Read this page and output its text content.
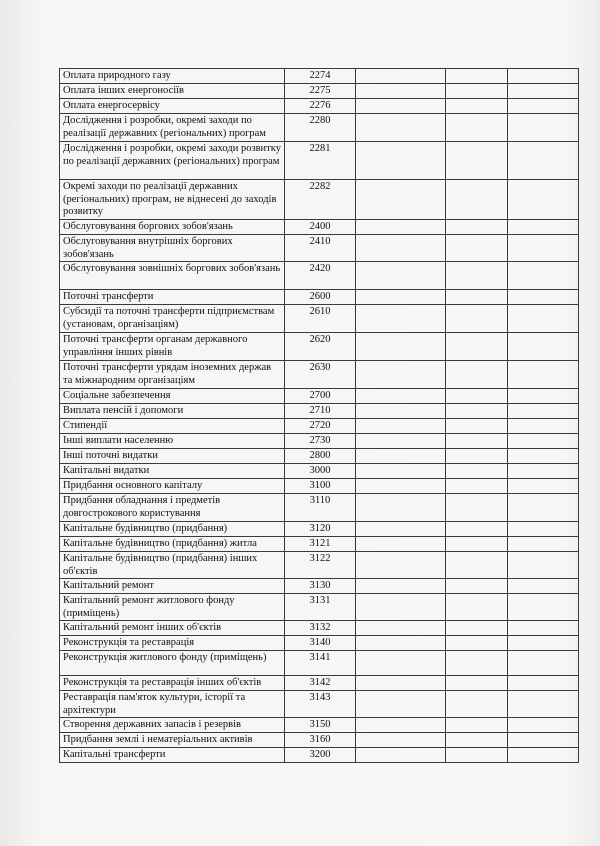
Оплата природного газу	2274			
Оплата інших енергоносіїв	2275			
Оплата енергосервісу	2276			
Дослідження і розробки, окремі заходи по реалізації державних (регіональних) програм	2280			
Дослідження і розробки, окремі заходи розвитку по реалізації державних (регіональних) програм	2281			
Окремі заходи по реалізації державних (регіональних) програм, не віднесені до заходів розвитку	2282			
Обслуговування боргових зобов'язань	2400			
Обслуговування внутрішніх боргових зобов'язань	2410			
Обслуговування зовнішніх боргових зобов'язань	2420			
Поточні трансферти	2600			
Субсидії та поточні трансферти підприємствам (установам, організаціям)	2610			
Поточні трансферти органам державного управління інших рівнів	2620			
Поточні трансферти урядам іноземних держав та міжнародним організаціям	2630			
Соціальне забезпечення	2700			
Виплата пенсій і допомоги	2710			
Стипендії	2720			
Інші виплати населенню	2730			
Інші поточні видатки	2800			
Капітальні видатки	3000			
Придбання основного капіталу	3100			
Придбання обладнання і предметів довгострокового користування	3110			
Капітальне будівництво (придбання)	3120			
Капітальне будівництво (придбання) житла	3121			
Капітальне будівництво (придбання) інших об'єктів	3122			
Капітальний ремонт	3130			
Капітальний ремонт житлового фонду (приміщень)	3131			
Капітальний ремонт інших об'єктів	3132			
Реконструкція та реставрація	3140			
Реконструкція житлового фонду (приміщень)	3141			
Реконструкція та реставрація інших об'єктів	3142			
Реставрація пам'яток культури, історії та архітектури	3143			
Створення державних запасів і резервів	3150			
Придбання землі і нематеріальних активів	3160			
Капітальні трансферти	3200			
